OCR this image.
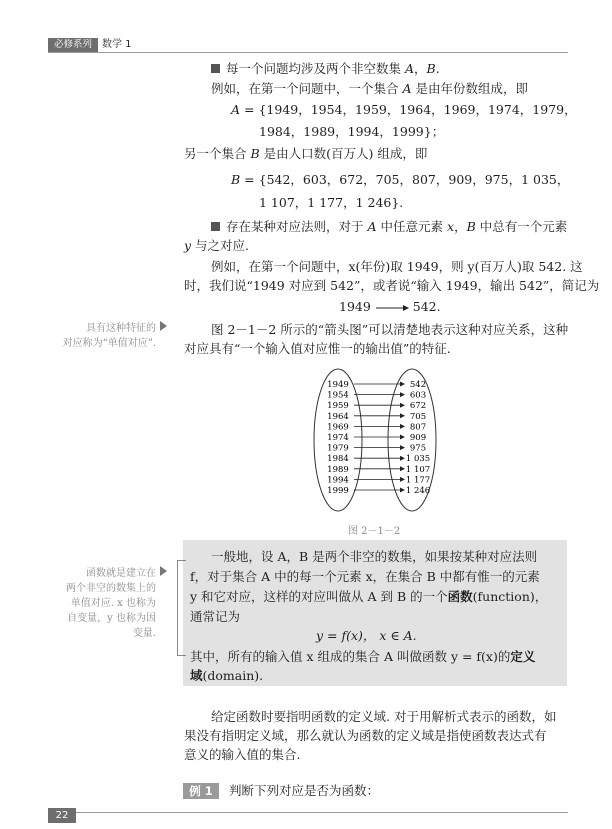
必修系列 数学 1
每一个问题均涉及两个非空数集 A，B.
例如，在第一个问题中，一个集合 A 是由年份数组成，即
A = {1949，1954，1959，1964，1969，1974，1979，
1984，1989，1994，1999}；
另一个集合 B 是由人口数(百万人) 组成，即
B = {542，603，672，705，807，909，975，1 035，
1 107，1 177，1 246}.
存在某种对应法则，对于 A 中任意元素 x，B 中总有一个元素
y 与之对应.
例如，在第一个问题中，x(年份)取 1949，则 y(百万人)取 542. 这
时，我们说“1949 对应到 542”，或者说“输入 1949，输出 542”，简记为
1949	542.
具有这种特征的
对应称为“单值对应”.
图 2－1－2 所示的“箭头图”可以清楚地表示这种对应关系，这种
对应具有“一个输入值对应惟一的输出值”的特征.
1949
1954
1959
1964
1969
1974
1979
1984
1989
1994
1999
542
603
672
705
807
909
975
1 035
1 107
1 177
1 246
图 2－1－2
函数就是建立在
两个非空的数集上的
单值对应. x 也称为
自变量，y 也称为因
变量.
一般地，设 A，B 是两个非空的数集，如果按某种对应法则
f，对于集合 A 中的每一个元素 x，在集合 B 中都有惟一的元素
y 和它对应，这样的对应叫做从 A 到 B 的一个函数(function)，
通常记为
y = f(x)， x ∈ A.
其中，所有的输入值 x 组成的集合 A 叫做函数 y = f(x)的定义
域(domain).
给定函数时要指明函数的定义域. 对于用解析式表示的函数，如
果没有指明定义域，那么就认为函数的定义域是指使函数表达式有
意义的输入值的集合.
例 1	判断下列对应是否为函数：
22
